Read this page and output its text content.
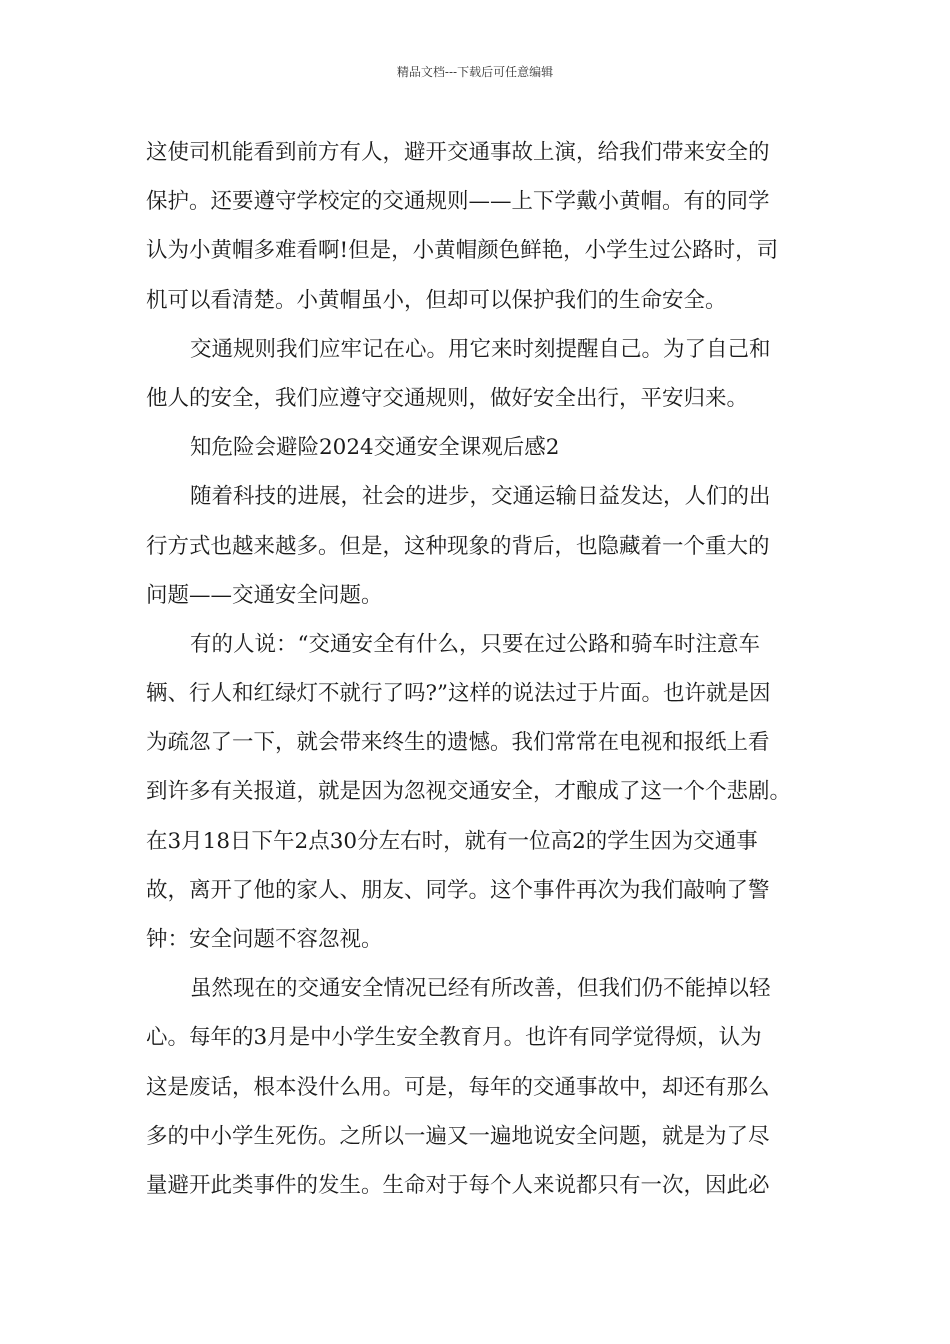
精品文档---下载后可任意编辑
这使司机能看到前方有人，避开交通事故上演，给我们带来安全的
保护。还要遵守学校定的交通规则——上下学戴小黄帽。有的同学
认为小黄帽多难看啊!但是，小黄帽颜色鲜艳，小学生过公路时，司
机可以看清楚。小黄帽虽小，但却可以保护我们的生命安全。
交通规则我们应牢记在心。用它来时刻提醒自己。为了自己和
他人的安全，我们应遵守交通规则，做好安全出行，平安归来。
知危险会避险2024交通安全课观后感2
随着科技的进展，社会的进步，交通运输日益发达，人们的出
行方式也越来越多。但是，这种现象的背后，也隐藏着一个重大的
问题——交通安全问题。
有的人说：“交通安全有什么，只要在过公路和骑车时注意车
辆、行人和红绿灯不就行了吗?”这样的说法过于片面。也许就是因
为疏忽了一下，就会带来终生的遗憾。我们常常在电视和报纸上看
到许多有关报道，就是因为忽视交通安全，才酿成了这一个个悲剧。
在3月18日下午2点30分左右时，就有一位高2的学生因为交通事
故，离开了他的家人、朋友、同学。这个事件再次为我们敲响了警
钟：安全问题不容忽视。
虽然现在的交通安全情况已经有所改善，但我们仍不能掉以轻
心。每年的3月是中小学生安全教育月。也许有同学觉得烦，认为
这是废话，根本没什么用。可是，每年的交通事故中，却还有那么
多的中小学生死伤。之所以一遍又一遍地说安全问题，就是为了尽
量避开此类事件的发生。生命对于每个人来说都只有一次，因此必
